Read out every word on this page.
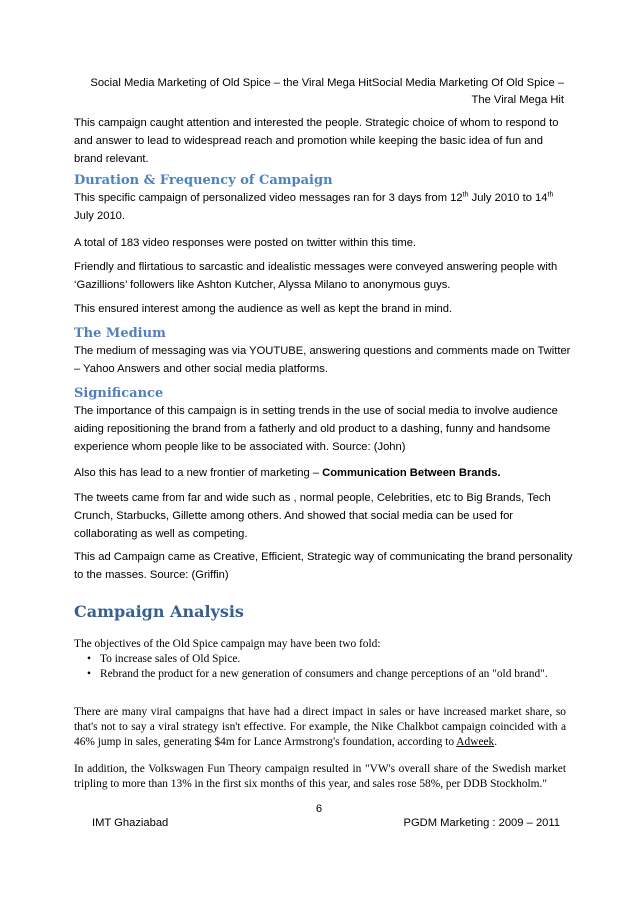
Social Media Marketing of Old Spice – the Viral Mega HitSocial Media Marketing Of Old Spice – The Viral Mega Hit

This campaign caught attention and interested the people. Strategic choice of whom to respond to and answer to lead to widespread reach and promotion while keeping the basic idea of fun and brand relevant.

Duration & Frequency of Campaign

This specific campaign of personalized video messages ran for 3 days from 12th July 2010 to 14th July 2010.

A total of 183 video responses were posted on twitter within this time.

Friendly and flirtatious to sarcastic and idealistic messages were conveyed answering people with ‘Gazillions’ followers like Ashton Kutcher, Alyssa Milano to anonymous guys.

This ensured interest among the audience as well as kept the brand in mind.

The Medium

The medium of messaging was via YOUTUBE, answering questions and comments made on Twitter – Yahoo Answers and other social media platforms.

Significance

The importance of this campaign is in setting trends in the use of social media to involve audience aiding repositioning the brand from a fatherly and old product to a dashing, funny and handsome experience whom people like to be associated with. Source: (John)

Also this has lead to a new frontier of marketing – Communication Between Brands.

The tweets came from far and wide such as , normal people, Celebrities, etc to Big Brands, Tech Crunch, Starbucks, Gillette among others. And showed that social media can be used for collaborating as well as competing.

This ad Campaign came as Creative, Efficient, Strategic way of communicating the brand personality to the masses. Source: (Griffin)

Campaign Analysis

The objectives of the Old Spice campaign may have been two fold:

• To increase sales of Old Spice.
• Rebrand the product for a new generation of consumers and change perceptions of an "old brand".

There are many viral campaigns that have had a direct impact in sales or have increased market share, so that's not to say a viral strategy isn't effective. For example, the Nike Chalkbot campaign coincided with a 46% jump in sales, generating $4m for Lance Armstrong's foundation, according to Adweek.

In addition, the Volkswagen Fun Theory campaign resulted in "VW's overall share of the Swedish market tripling to more than 13% in the first six months of this year, and sales rose 58%, per DDB Stockholm."

6
IMT Ghaziabad	PGDM Marketing : 2009 – 2011
